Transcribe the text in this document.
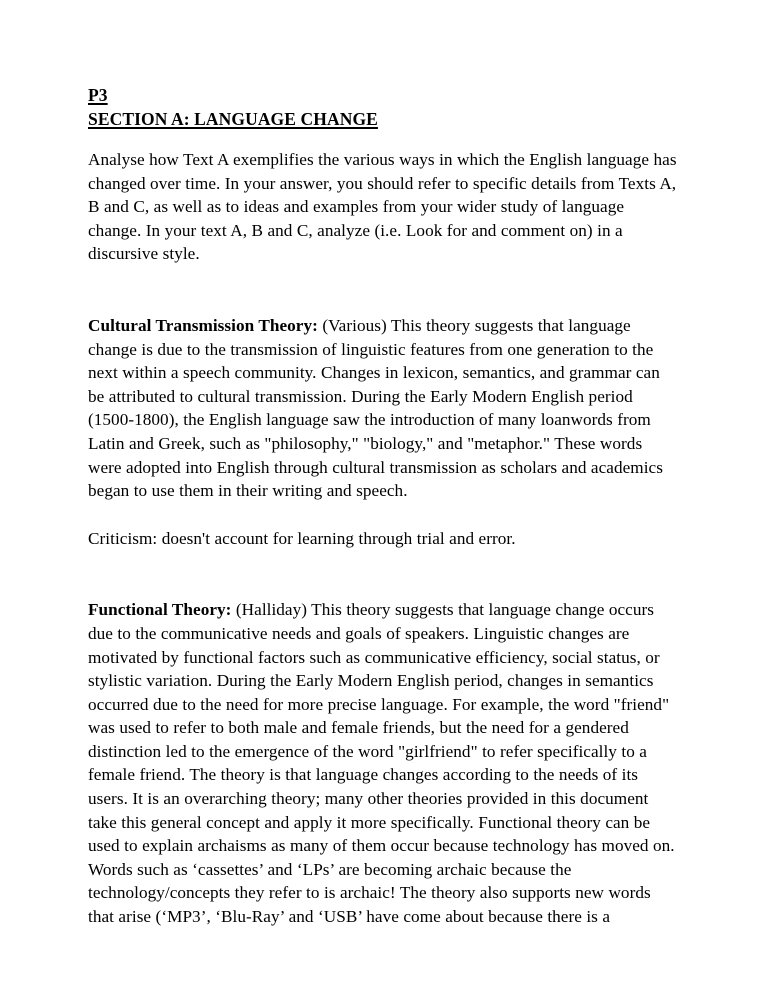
P3
SECTION A: LANGUAGE CHANGE

Analyse how Text A exemplifies the various ways in which the English language has changed over time. In your answer, you should refer to specific details from Texts A, B and C, as well as to ideas and examples from your wider study of language change. In your text A, B and C, analyze (i.e. Look for and comment on) in a discursive style.

Cultural Transmission Theory: (Various) This theory suggests that language change is due to the transmission of linguistic features from one generation to the next within a speech community. Changes in lexicon, semantics, and grammar can be attributed to cultural transmission. During the Early Modern English period (1500-1800), the English language saw the introduction of many loanwords from Latin and Greek, such as "philosophy," "biology," and "metaphor." These words were adopted into English through cultural transmission as scholars and academics began to use them in their writing and speech.

Criticism: doesn't account for learning through trial and error.

Functional Theory: (Halliday) This theory suggests that language change occurs due to the communicative needs and goals of speakers. Linguistic changes are motivated by functional factors such as communicative efficiency, social status, or stylistic variation. During the Early Modern English period, changes in semantics occurred due to the need for more precise language. For example, the word "friend" was used to refer to both male and female friends, but the need for a gendered distinction led to the emergence of the word "girlfriend" to refer specifically to a female friend. The theory is that language changes according to the needs of its users. It is an overarching theory; many other theories provided in this document take this general concept and apply it more specifically. Functional theory can be used to explain archaisms as many of them occur because technology has moved on. Words such as ‘cassettes’ and ‘LPs’ are becoming archaic because the technology/concepts they refer to is archaic! The theory also supports new words that arise (‘MP3’, ‘Blu-Ray’ and ‘USB’ have come about because there is a
